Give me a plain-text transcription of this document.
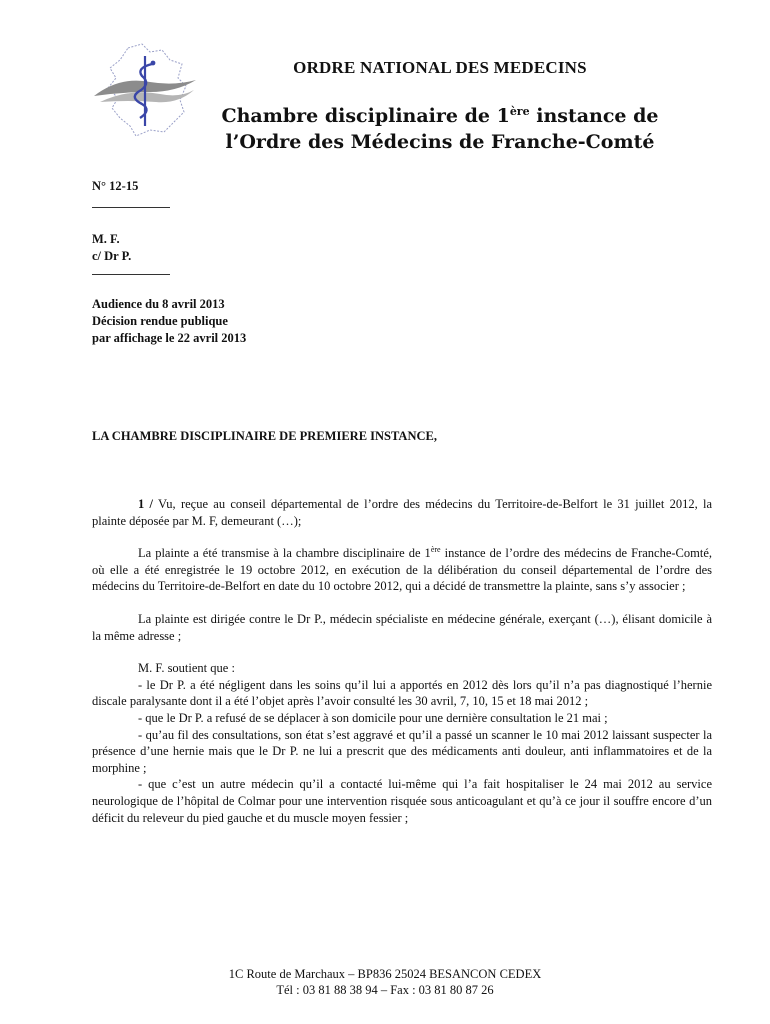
ORDRE NATIONAL DES MEDECINS
Chambre disciplinaire de 1ère instance de
l’Ordre des Médecins de Franche-Comté
N° 12-15
M. F.
c/ Dr P.
Audience du 8 avril 2013
Décision rendue publique
par affichage le 22 avril 2013
LA CHAMBRE DISCIPLINAIRE DE PREMIERE INSTANCE,

1 / Vu, reçue au conseil départemental de l’ordre des médecins du Territoire-de-Belfort le 31 juillet 2012, la plainte déposée par M. F, demeurant (…);

La plainte a été transmise à la chambre disciplinaire de 1ère instance de l’ordre des médecins de Franche-Comté, où elle a été enregistrée le 19 octobre 2012, en exécution de la délibération du conseil départemental de l’ordre des médecins du Territoire-de-Belfort en date du 10 octobre 2012, qui a décidé de transmettre la plainte, sans s’y associer ;

La plainte est dirigée contre le Dr P., médecin spécialiste en médecine générale, exerçant (…), élisant domicile à la même adresse ;

M. F. soutient que :

- le Dr P. a été négligent dans les soins qu’il lui a apportés en 2012 dès lors qu’il n’a pas diagnostiqué l’hernie discale paralysante dont il a été l’objet après l’avoir consulté les 30 avril, 7, 10, 15 et 18 mai 2012 ;

- que le Dr P. a refusé de se déplacer à son domicile pour une dernière consultation le 21 mai ;

- qu’au fil des consultations, son état s’est aggravé et qu’il a passé un scanner le 10 mai 2012 laissant suspecter la présence d’une hernie mais que le Dr P. ne lui a prescrit que des médicaments anti douleur, anti inflammatoires et de la morphine ;

- que c’est un autre médecin qu’il a contacté lui-même qui l’a fait hospitaliser le 24 mai 2012 au service neurologique de l’hôpital de Colmar pour une intervention risquée sous anticoagulant et qu’à ce jour il souffre encore d’un déficit du releveur du pied gauche et du muscle moyen fessier ;

1C Route de Marchaux – BP836 25024 BESANCON CEDEX
Tél : 03 81 88 38 94 – Fax : 03 81 80 87 26
